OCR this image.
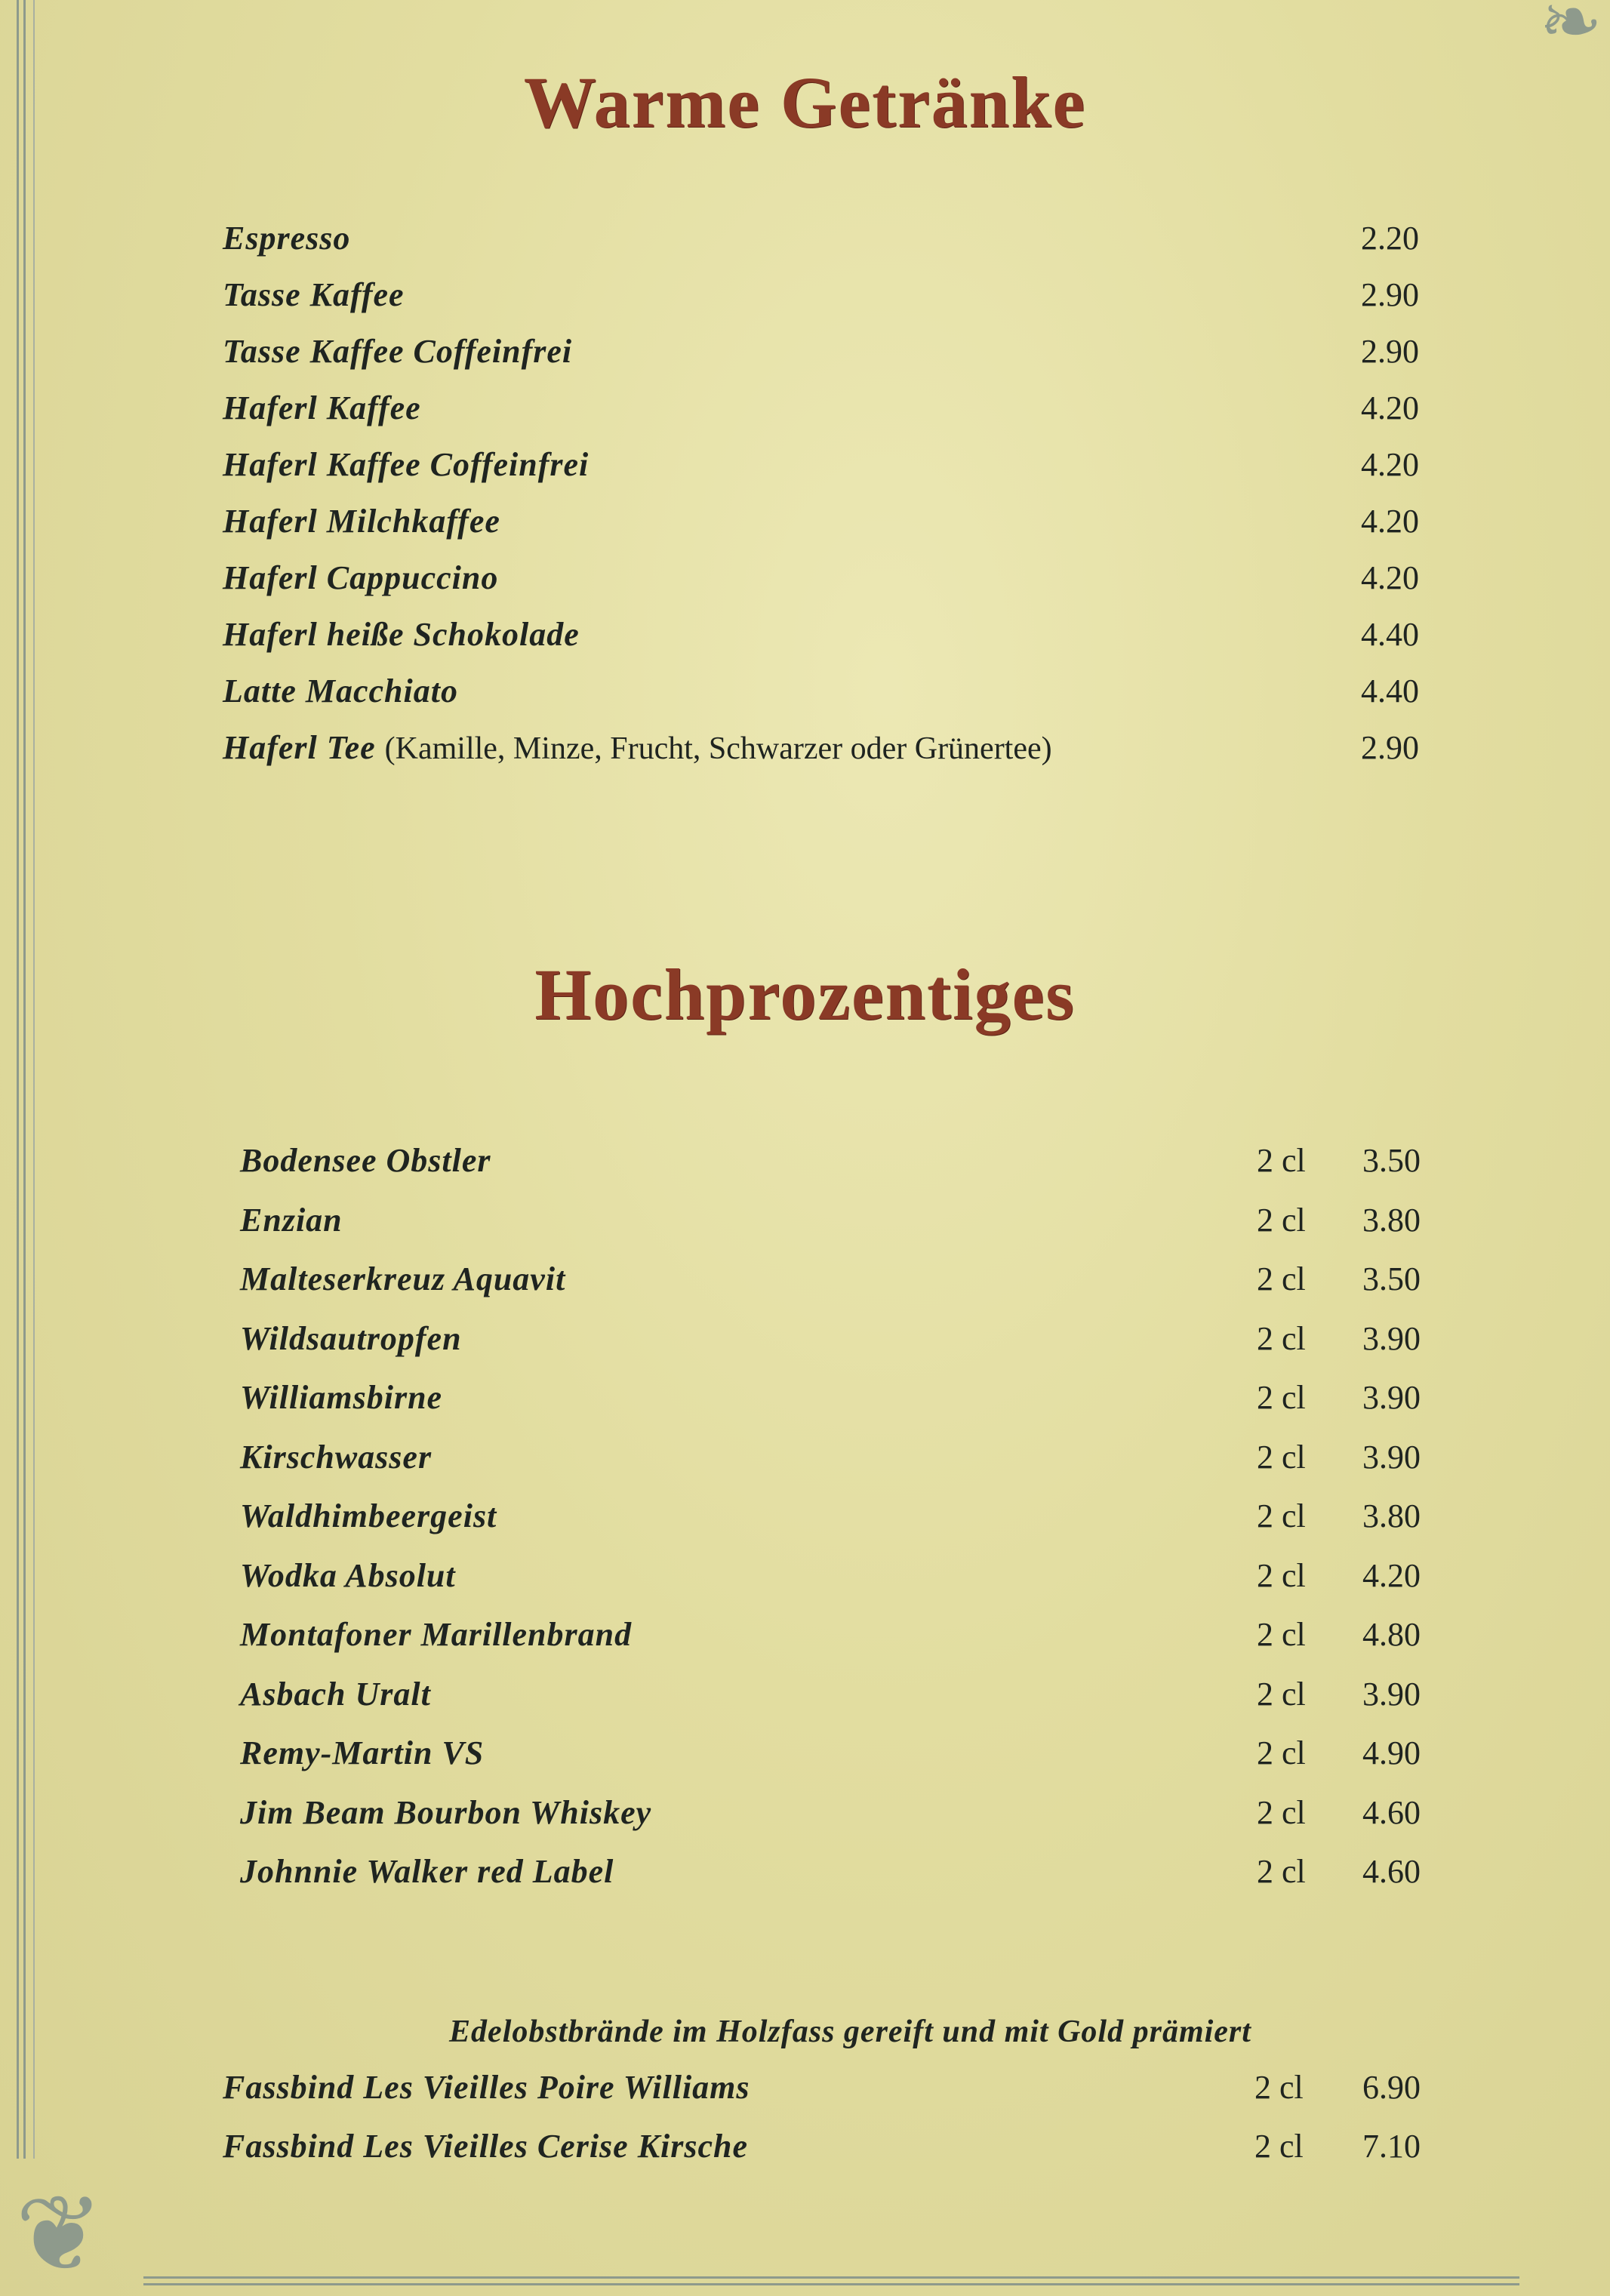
❦
❧
Warme Getränke
Espresso	2.20
Tasse Kaffee	2.90
Tasse Kaffee Coffeinfrei	2.90
Haferl Kaffee	4.20
Haferl Kaffee Coffeinfrei	4.20
Haferl Milchkaffee	4.20
Haferl Cappuccino	4.20
Haferl heiße Schokolade	4.40
Latte Macchiato	4.40
Haferl Tee (Kamille, Minze, Frucht, Schwarzer oder Grünertee)	2.90
Hochprozentiges
Bodensee Obstler	2 cl 3.50
Enzian	2 cl 3.80
Malteserkreuz Aquavit	2 cl 3.50
Wildsautropfen	2 cl 3.90
Williamsbirne	2 cl 3.90
Kirschwasser	2 cl 3.90
Waldhimbeergeist	2 cl 3.80
Wodka Absolut	2 cl 4.20
Montafoner Marillenbrand	2 cl 4.80
Asbach Uralt	2 cl 3.90
Remy-Martin VS	2 cl 4.90
Jim Beam Bourbon Whiskey	2 cl 4.60
Johnnie Walker red Label	2 cl 4.60
Edelobstbrände im Holzfass gereift und mit Gold prämiert
Fassbind Les Vieilles Poire Williams	2 cl 6.90
Fassbind Les Vieilles Cerise Kirsche	2 cl 7.10
